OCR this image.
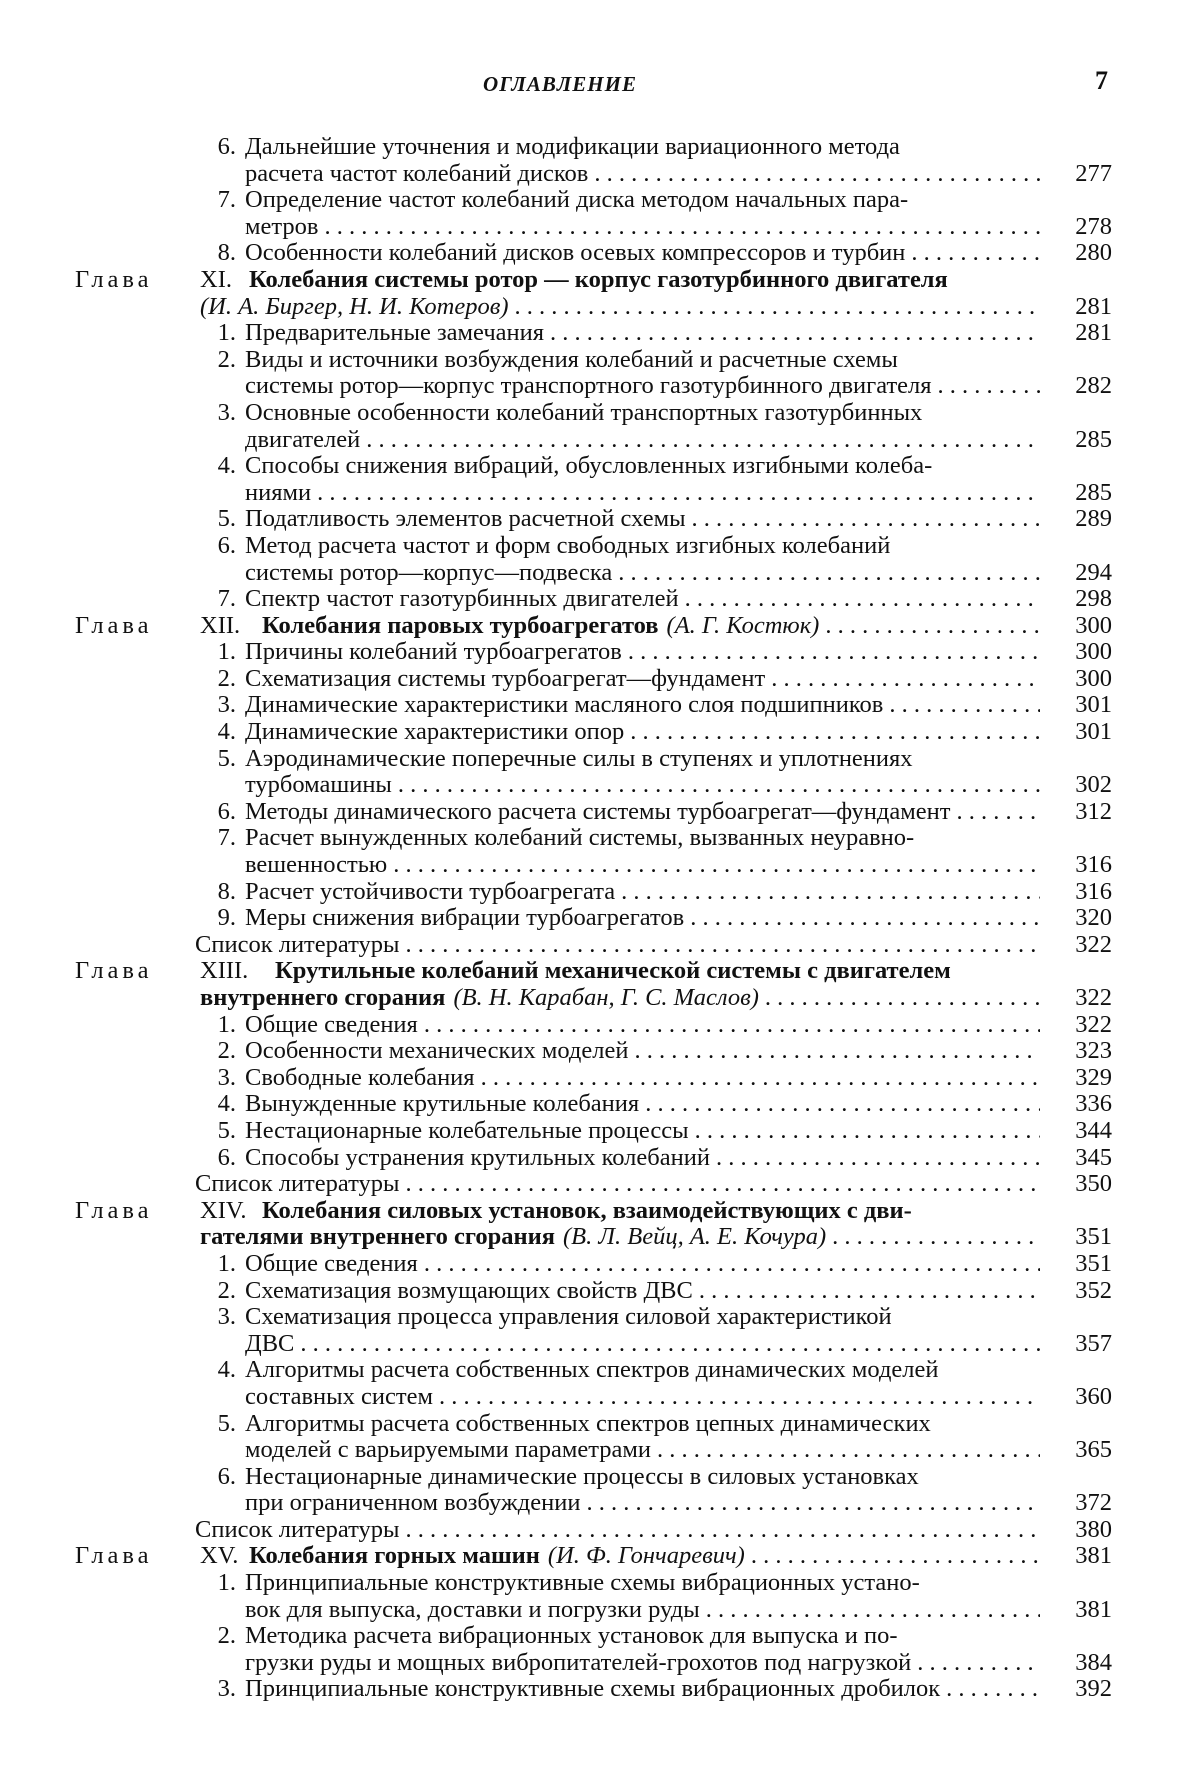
ОГЛАВЛЕНИЕ	7
6. Дальнейшие уточнения и модификации вариационного метода
расчета частот колебаний дисков . . .	277
7. Определение частот колебаний диска методом начальных пара-
метров . . .	278
8. Особенности колебаний дисков осевых компрессоров и турбин . . .	280
Глава XI. Колебания системы ротор — корпус газотурбинного двигателя
(И. А. Биргер, Н. И. Котеров) . . .	281
1. Предварительные замечания . . .	281
2. Виды и источники возбуждения колебаний и расчетные схемы
системы ротор—корпус транспортного газотурбинного двигателя . . .	282
3. Основные особенности колебаний транспортных газотурбинных
двигателей . . .	285
4. Способы снижения вибраций, обусловленных изгибными колеба-
ниями . . .	285
5. Податливость элементов расчетной схемы . . .	289
6. Метод расчета частот и форм свободных изгибных колебаний
системы ротор—корпус—подвеска . . .	294
7. Спектр частот газотурбинных двигателей . . .	298
Глава XII. Колебания паровых турбоагрегатов (А. Г. Костюк) . . .	300
1. Причины колебаний турбоагрегатов . . .	300
2. Схематизация системы турбоагрегат—фундамент . . .	300
3. Динамические характеристики масляного слоя подшипников . . .	301
4. Динамические характеристики опор . . .	301
5. Аэродинамические поперечные силы в ступенях и уплотнениях
турбомашины . . .	302
6. Методы динамического расчета системы турбоагрегат—фундамент . . .	312
7. Расчет вынужденных колебаний системы, вызванных неуравно-
вешенностью . . .	316
8. Расчет устойчивости турбоагрегата . . .	316
9. Меры снижения вибрации турбоагрегатов . . .	320
Список литературы . . .	322
Глава XIII. Крутильные колебаний механической системы с двигателем
внутреннего сгорания (В. Н. Карабан, Г. С. Маслов) . . .	322
1. Общие сведения . . .	322
2. Особенности механических моделей . . .	323
3. Свободные колебания . . .	329
4. Вынужденные крутильные колебания . . .	336
5. Нестационарные колебательные процессы . . .	344
6. Способы устранения крутильных колебаний . . .	345
Список литературы . . .	350
Глава XIV. Колебания силовых установок, взаимодействующих с дви-
гателями внутреннего сгорания (В. Л. Вейц, А. Е. Кочура) . . .	351
1. Общие сведения . . .	351
2. Схематизация возмущающих свойств ДВС . . .	352
3. Схематизация процесса управления силовой характеристикой
ДВС . . .	357
4. Алгоритмы расчета собственных спектров динамических моделей
составных систем . . .	360
5. Алгоритмы расчета собственных спектров цепных динамических
моделей с варьируемыми параметрами . . .	365
6. Нестационарные динамические процессы в силовых установках
при ограниченном возбуждении . . .	372
Список литературы . . .	380
Глава XV. Колебания горных машин (И. Ф. Гончаревич) . . .	381
1. Принципиальные конструктивные схемы вибрационных устано-
вок для выпуска, доставки и погрузки руды . . .	381
2. Методика расчета вибрационных установок для выпуска и по-
грузки руды и мощных вибропитателей-грохотов под нагрузкой . . .	384
3. Принципиальные конструктивные схемы вибрационных дробилок . . .	392
